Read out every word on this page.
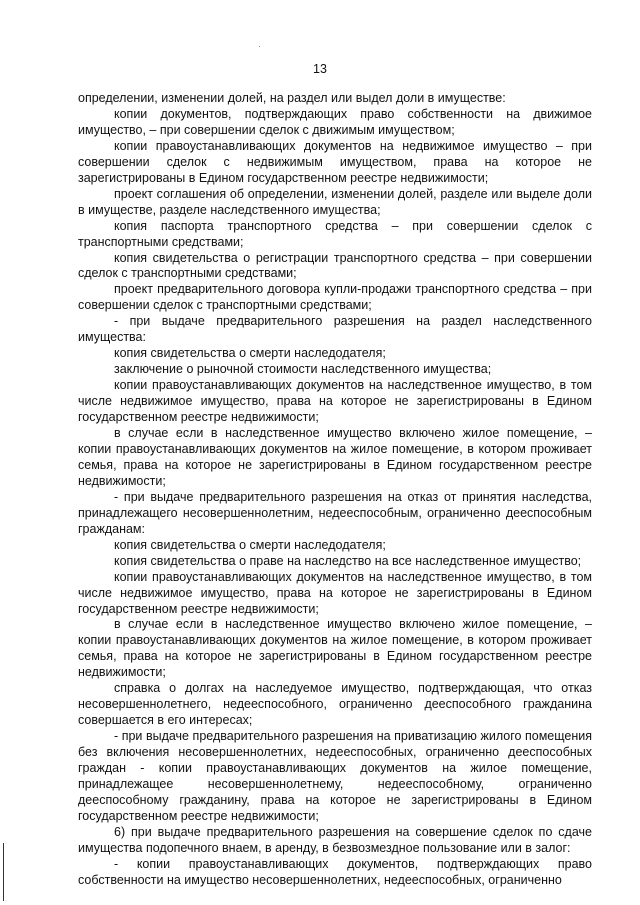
13

определении, изменении долей, на раздел или выдел доли в имуществе:

копии документов, подтверждающих право собственности на движимое имущество, – при совершении сделок с движимым имуществом;

копии правоустанавливающих документов на недвижимое имущество – при совершении сделок с недвижимым имуществом, права на которое не зарегистрированы в Едином государственном реестре недвижимости;

проект соглашения об определении, изменении долей, разделе или выделе доли в имуществе, разделе наследственного имущества;

копия паспорта транспортного средства – при совершении сделок с транспортными средствами;

копия свидетельства о регистрации транспортного средства – при совершении сделок с транспортными средствами;

проект предварительного договора купли-продажи транспортного средства – при совершении сделок с транспортными средствами;

- при выдаче предварительного разрешения на раздел наследственного имущества:

копия свидетельства о смерти наследодателя;

заключение о рыночной стоимости наследственного имущества;

копии правоустанавливающих документов на наследственное имущество, в том числе недвижимое имущество, права на которое не зарегистрированы в Едином государственном реестре недвижимости;

в случае если в наследственное имущество включено жилое помещение, – копии правоустанавливающих документов на жилое помещение, в котором проживает семья, права на которое не зарегистрированы в Едином государственном реестре недвижимости;

- при выдаче предварительного разрешения на отказ от принятия наследства, принадлежащего несовершеннолетним, недееспособным, ограниченно дееспособным гражданам:

копия свидетельства о смерти наследодателя;

копия свидетельства о праве на наследство на все наследственное имущество;

копии правоустанавливающих документов на наследственное имущество, в том числе недвижимое имущество, права на которое не зарегистрированы в Едином государственном реестре недвижимости;

в случае если в наследственное имущество включено жилое помещение, – копии правоустанавливающих документов на жилое помещение, в котором проживает семья, права на которое не зарегистрированы в Едином государственном реестре недвижимости;

справка о долгах на наследуемое имущество, подтверждающая, что отказ несовершеннолетнего, недееспособного, ограниченно дееспособного гражданина совершается в его интересах;

- при выдаче предварительного разрешения на приватизацию жилого помещения без включения несовершеннолетних, недееспособных, ограниченно дееспособных граждан - копии правоустанавливающих документов на жилое помещение, принадлежащее несовершеннолетнему, недееспособному, ограниченно дееспособному гражданину, права на которое не зарегистрированы в Едином государственном реестре недвижимости;

6) при выдаче предварительного разрешения на совершение сделок по сдаче имущества подопечного внаем, в аренду, в безвозмездное пользование или в залог:

- копии правоустанавливающих документов, подтверждающих право собственности на имущество несовершеннолетних, недееспособных, ограниченно
